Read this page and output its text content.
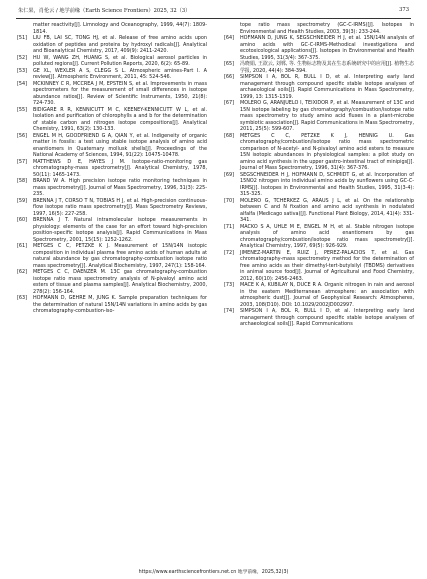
朱仁果，肖伦云 / 地学前缘（Earth Science Frontiers）2025, 32（3）	373

matter reactivity[J]. Limnology and Oceanography, 1999, 44(7): 1809-1814.

[51] LIU FB, LAI SC, TONG HJ, et al. Release of free amino acids upon oxidation of peptides and proteins by hydroxyl radicals[J]. Analytical and Bioanalytical Chemistry, 2017, 409(9): 2411-2420.

[52] HU W, WANG ZH, HUANG S, et al. Biological aerosol particles in polluted regions[J]. Current Pollution Reports, 2020, 6(2): 65-89.

[53] GE XL, WEXLER A S, CLEGG S L. Atmospheric amines-Part I. A review[J]. Atmospheric Environment, 2011, 45: 524-546.

[54] MCKINNEY C R, MCCREA J M, EPSTEIN S, et al. Improvements in mass spectrometers for the measurement of small differences in isotope abundance ratios[J]. Review of Scientific Instruments, 1950, 21(8): 724-730.

[55] BIDIGARE R R, KENNICUTT M C, KEENEY-KENNICUTT W L, et al. Isolation and purification of chlorophylls a and b for the determination of stable carbon and nitrogen isotope compositions[J]. Analytical Chemistry, 1991, 63(2): 130-133.

[56] ENGEL M H, GOODFRIEND G A, QIAN Y, et al. Indigeneity of organic matter in fossils: a test using stable isotope analysis of amino acid enantiomers in Quaternary mollusk shells[J]. Proceedings of the National Academy of Sciences, 1994, 91(22): 10475-10478.

[57] MATTHEWS D E, HAYES J M. Isotope-ratio-monitoring gas chromatography-mass spectrometry[J]. Analytical Chemistry, 1978, 50(11): 1465-1473.

[58] BRAND W A. High precision isotope ratio monitoring techniques in mass spectrometry[J]. Journal of Mass Spectrometry, 1996, 31(3): 225-235.

[59] BRENNA J T, CORSO T N, TOBIAS H J, et al. High-precision continuous-flow isotope ratio mass spectrometry[J]. Mass Spectrometry Reviews, 1997, 16(5): 227-258.

[60] BRENNA J T. Natural intramolecular isotope measurements in physiology: elements of the case for an effort toward high-precision position-specific isotope analysis[J]. Rapid Communications in Mass Spectrometry, 2001, 15(15): 1252-1262.

[61] METGES C C, PETZKE K J. Measurement of 15N/14N isotopic composition in individual plasma free amino acids of human adults at natural abundance by gas chromatography-combustion isotope ratio mass spectrometry[J]. Analytical Biochemistry, 1997, 247(1): 158-164.

[62] METGES C C, DAENZER M. 13C gas chromatography-combustion isotope ratio mass spectrometry analysis of N-pivaloyl amino acid esters of tissue and plasma samples[J]. Analytical Biochemistry, 2000, 278(2): 156-164.

[63] HOFMANN D, GEHRE M, JUNG K. Sample preparation techniques for the determination of natural 15N/14N variations in amino acids by gas chromatography-combustion-iso-

tope ratio mass spectrometry (GC-C-IRMS)[J]. Isotopes in Environmental and Health Studies, 2003, 39(3): 233-244.

[64] HOFMANN D, JUNG K, SEGSCHNEIDER H J, et al. 15N/14N analysis of amino acids with GC-C-IRMS-Methodical investigations and ecotoxicological applications[J]. Isotopes in Environmental and Health Studies, 1995, 31(3/4): 367-375.

[65] 冯晓娟, 王欲云, 刘郸, 等. 生物标志物及其在生态系统研究中的应用[J]. 植物生态学报, 2020, 44(4): 384-394.

[66] SIMPSON I A, BOL R, BULL I D, et al. Interpreting early land management through compound specific stable isotope analyses of archaeological soils[J]. Rapid Communications in Mass Spectrometry, 1999, 13: 1315-1319.

[67] MOLERO G, ARANJUELO I, TEIXIDOR P, et al. Measurement of 13C and 15N isotope labeling by gas chromatography/combustion/isotope ratio mass spectrometry to study amino acid fluxes in a plant-microbe symbiotic association[J]. Rapid Communications in Mass Spectrometry, 2011, 25(5): 599-607.

[68] METGES C C, PETZKE K J, HENNIG U. Gas chromatography/combustion/isotope ratio mass spectrometric comparison of N-acetyl- and N-pivaloyl amino acid esters to measure 15N isotopic abundances in physiological samples: a pilot study on amino acid synthesis in the upper gastro-intestinal tract of minipigs[J]. Journal of Mass Spectrometry, 1996, 31(4): 367-376.

[69] SEGSCHNEIDER H J, HOFMANN D, SCHMIDT G, et al. Incorporation of 15NO2 nitrogen into individual amino acids by sunflowers using GC-C-IRMS[J]. Isotopes in Environmental and Health Studies, 1995, 31(3-4): 315-325.

[70] MOLERO G, TCHERKEZ G, ARAUS J L, et al. On the relationship between C and N fixation and amino acid synthesis in nodulated alfalfa (Medicago sativa)[J]. Functional Plant Biology, 2014, 41(4): 331-341.

[71] MACKO S A, UHLE M E, ENGEL M H, et al. Stable nitrogen isotope analysis of amino acid enantiomers by gas chromatography/combustion/isotope ratio mass spectrometry[J]. Analytical Chemistry, 1997, 69(5): 926-929.

[72] JIMENEZ-MARTIN E, RUIZ J, PEREZ-PALACIOS T, et al. Gas chromatography-mass spectrometry method for the determination of free amino acids as their dimethyl-tert-butylsilyl (TBDMS) derivatives in animal source food[J]. Journal of Agricultural and Food Chemistry, 2012, 60(10): 2456-2463.

[73] MACE K A, KUBILAY N, DUCE R A. Organic nitrogen in rain and aerosol in the eastern Mediterranean atmosphere: an association with atmospheric dust[J]. Journal of Geophysical Research: Atmospheres, 2003, 108(D10). DOI: 10.1029/2002JD002997.

[74] SIMPSON I A, BOL R, BULL I D, et al. Interpreting early land management through compound specific stable isotope analyses of archaeological soils[J]. Rapid Communications

https://www.earthsciencefrontiers.net.cn 地学前缘，2025,32(3)
